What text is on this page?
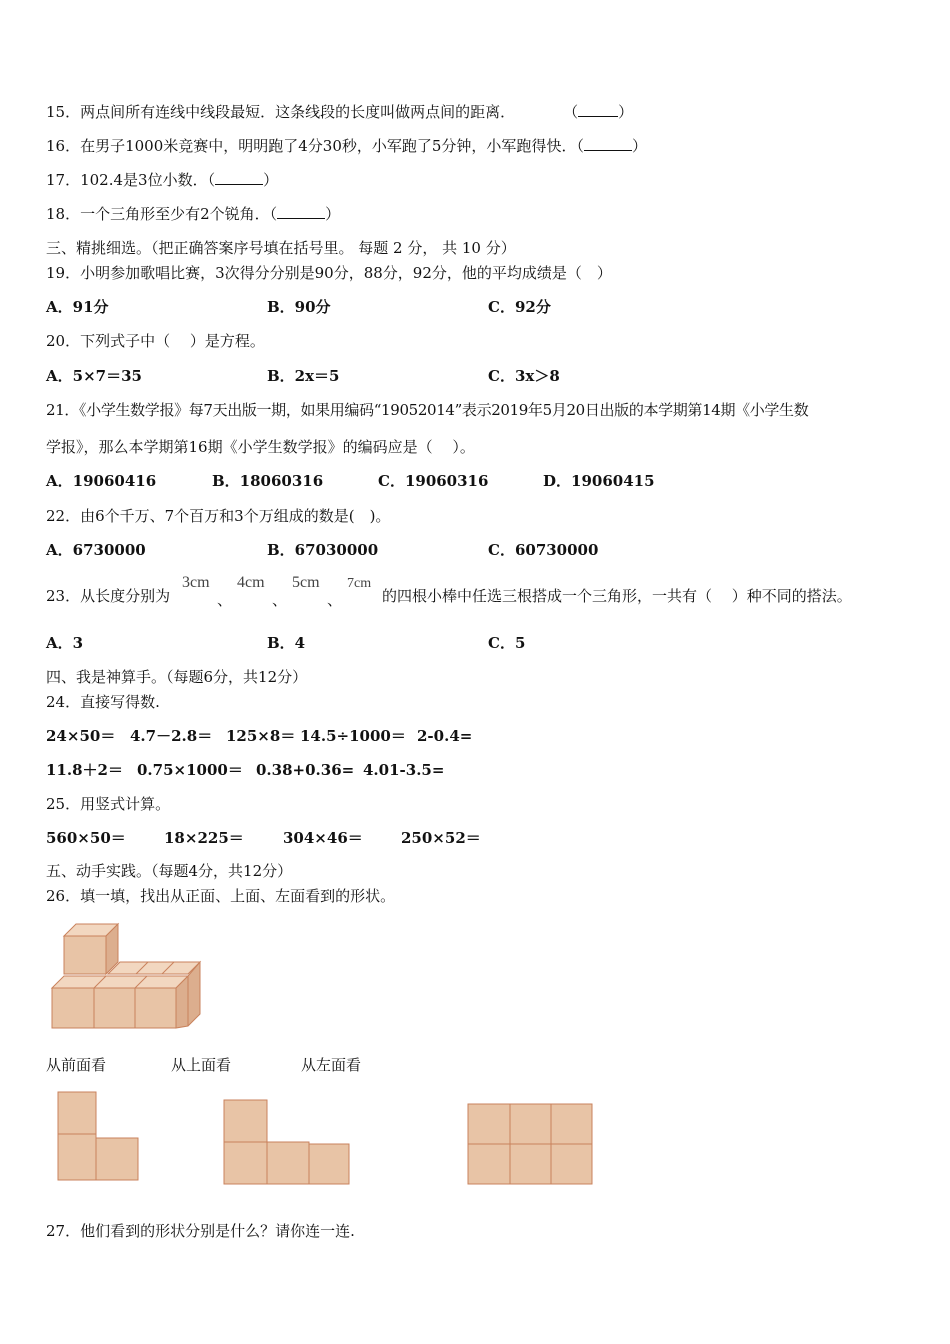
15．两点间所有连线中线段最短．这条线段的长度叫做两点间的距离．	（	）
16．在男子1000米竞赛中，明明跑了4分30秒，小军跑了5分钟，小军跑得快．（	）
17．102.4是3位小数．（	）
18．一个三角形至少有2个锐角．（	）
三、精挑细选。（把正确答案序号填在括号里。 每题 2 分， 共 10 分）
19．小明参加歌唱比赛，3次得分分别是90分，88分，92分，他的平均成绩是（　）
A．91分	B．90分	C．92分
20．下列式子中（　 ）是方程。
A．5×7＝35	B．2x＝5	C．3x＞8
21．《小学生数学报》每7天出版一期，如果用编码“19052014”表示2019年5月20日出版的本学期第14期《小学生数
学报》，那么本学期第16期《小学生数学报》的编码应是（　 ）。
A．19060416	B．18060316	C．19060316	D．19060415
22．由6个千万、7个百万和3个万组成的数是(　)。
A．6730000	B．67030000	C．60730000
23．从长度分别为
3cm
、
4cm
、
5cm
、
7cm
的四根小棒中任选三根搭成一个三角形，一共有（　 ）种不同的搭法。
A．3	B．4	C．5
四、我是神算手。（每题6分，共12分）
24．直接写得数.
24×50＝ 4.7－2.8＝ 125×8＝ 14.5÷1000＝ 2-0.4=
11.8＋2＝ 0.75×1000＝ 0.38+0.36= 4.01-3.5=
25．用竖式计算。
560×50＝	18×225＝	304×46＝	250×52＝
五、动手实践。（每题4分，共12分）
26．填一填，找出从正面、上面、左面看到的形状。
从前面看	从上面看	从左面看
27．他们看到的形状分别是什么？请你连一连.
